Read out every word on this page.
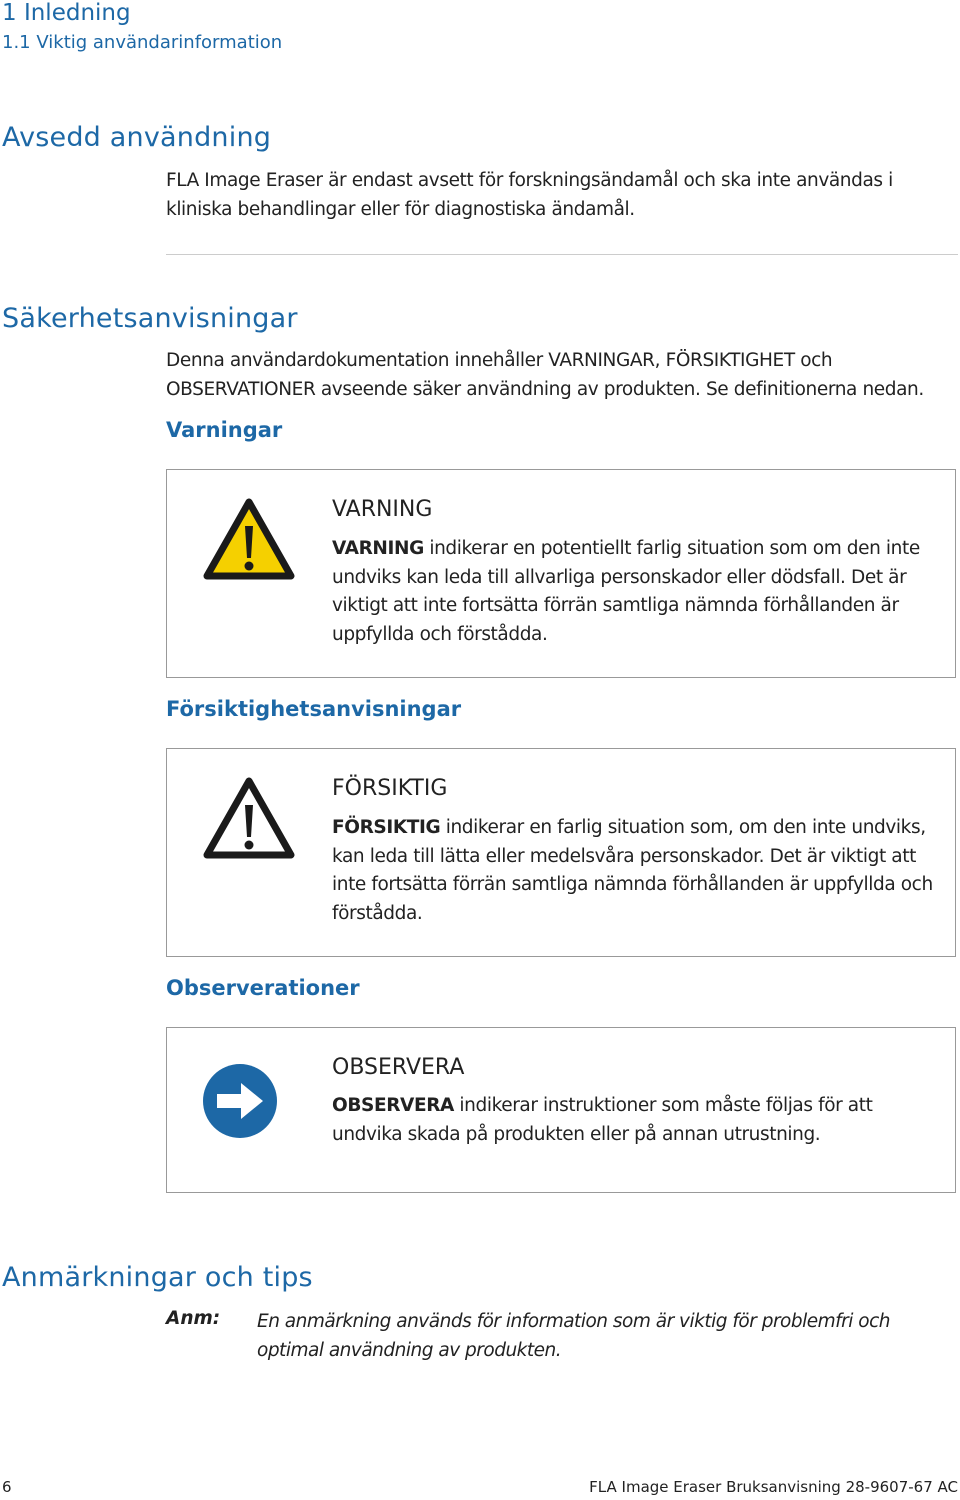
1 Inledning
1.1 Viktig användarinformation
Avsedd användning
FLA Image Eraser är endast avsett för forskningsändamål och ska inte användas i kliniska behandlingar eller för diagnostiska ändamål.
Säkerhetsanvisningar
Denna användardokumentation innehåller VARNINGAR, FÖRSIKTIGHET och OBSERVATIONER avseende säker användning av produkten. Se definitionerna nedan.
Varningar
VARNING
VARNING indikerar en potentiellt farlig situation som om den inte undviks kan leda till allvarliga personskador eller dödsfall. Det är viktigt att inte fortsätta förrän samtliga nämnda förhållanden är uppfyllda och förstådda.
Försiktighetsanvisningar
FÖRSIKTIG
FÖRSIKTIG indikerar en farlig situation som, om den inte undviks, kan leda till lätta eller medelsvåra personskador. Det är viktigt att inte fortsätta förrän samtliga nämnda förhållanden är uppfyllda och förstådda.
Observerationer
OBSERVERA
OBSERVERA indikerar instruktioner som måste följas för att undvika skada på produkten eller på annan utrustning.
Anmärkningar och tips
Anm: En anmärkning används för information som är viktig för problemfri och optimal användning av produkten.
6	FLA Image Eraser Bruksanvisning 28-9607-67 AC
